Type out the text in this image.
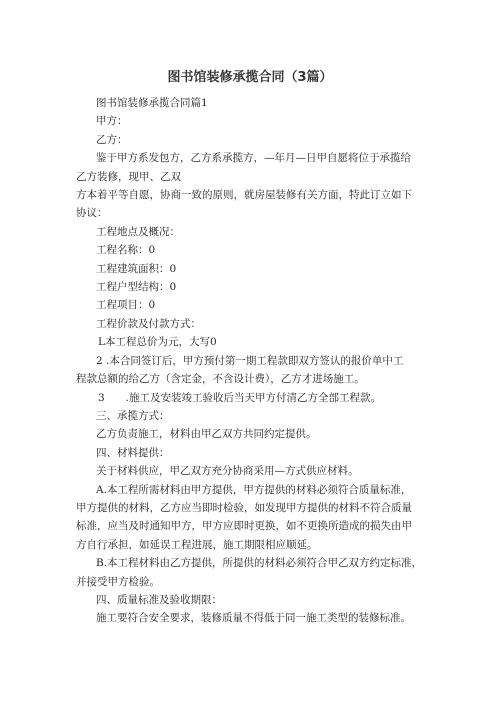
图书馆装修承揽合同（3篇）

图书馆装修承揽合同篇1

甲方：

乙方：

鉴于甲方系发包方，乙方系承揽方，—年月—日甲自愿将位于承揽给

乙方装修，现甲、乙双

方本着平等自愿，协商一致的原则，就房屋装修有关方面，特此订立如下

协议：

工程地点及概况：

工程名称：0

工程建筑面积：0

工程户型结构：0

工程项目：0

工程价款及付款方式：

L本工程总价为元，大写0

2 .本合同签订后，甲方预付第一期工程款即双方签认的报价单中工

程款总额的给乙方（含定金，不含设计费），乙方才进场施工。

3　　.施工及安装竣工验收后当天甲方付清乙方全部工程款。

三、承揽方式：

乙方负责施工，材料由甲乙双方共同约定提供。

四、材料提供：

关于材料供应，甲乙双方充分协商采用—方式供应材料。

A.本工程所需材料由甲方提供，甲方提供的材料必须符合质量标准，

甲方提供的材料，乙方应当即时检验，如发现甲方提供的材料不符合质量

标准，应当及时通知甲方，甲方应即时更换，如不更换所造成的损失由甲

方自行承担，如延误工程进展，施工期限相应顺延。

B.本工程材料由乙方提供，所提供的材料必须符合甲乙双方约定标准，

并接受甲方检验。

四、质量标准及验收期限：

施工要符合安全要求，装修质量不得低于同一施工类型的装修标准。
